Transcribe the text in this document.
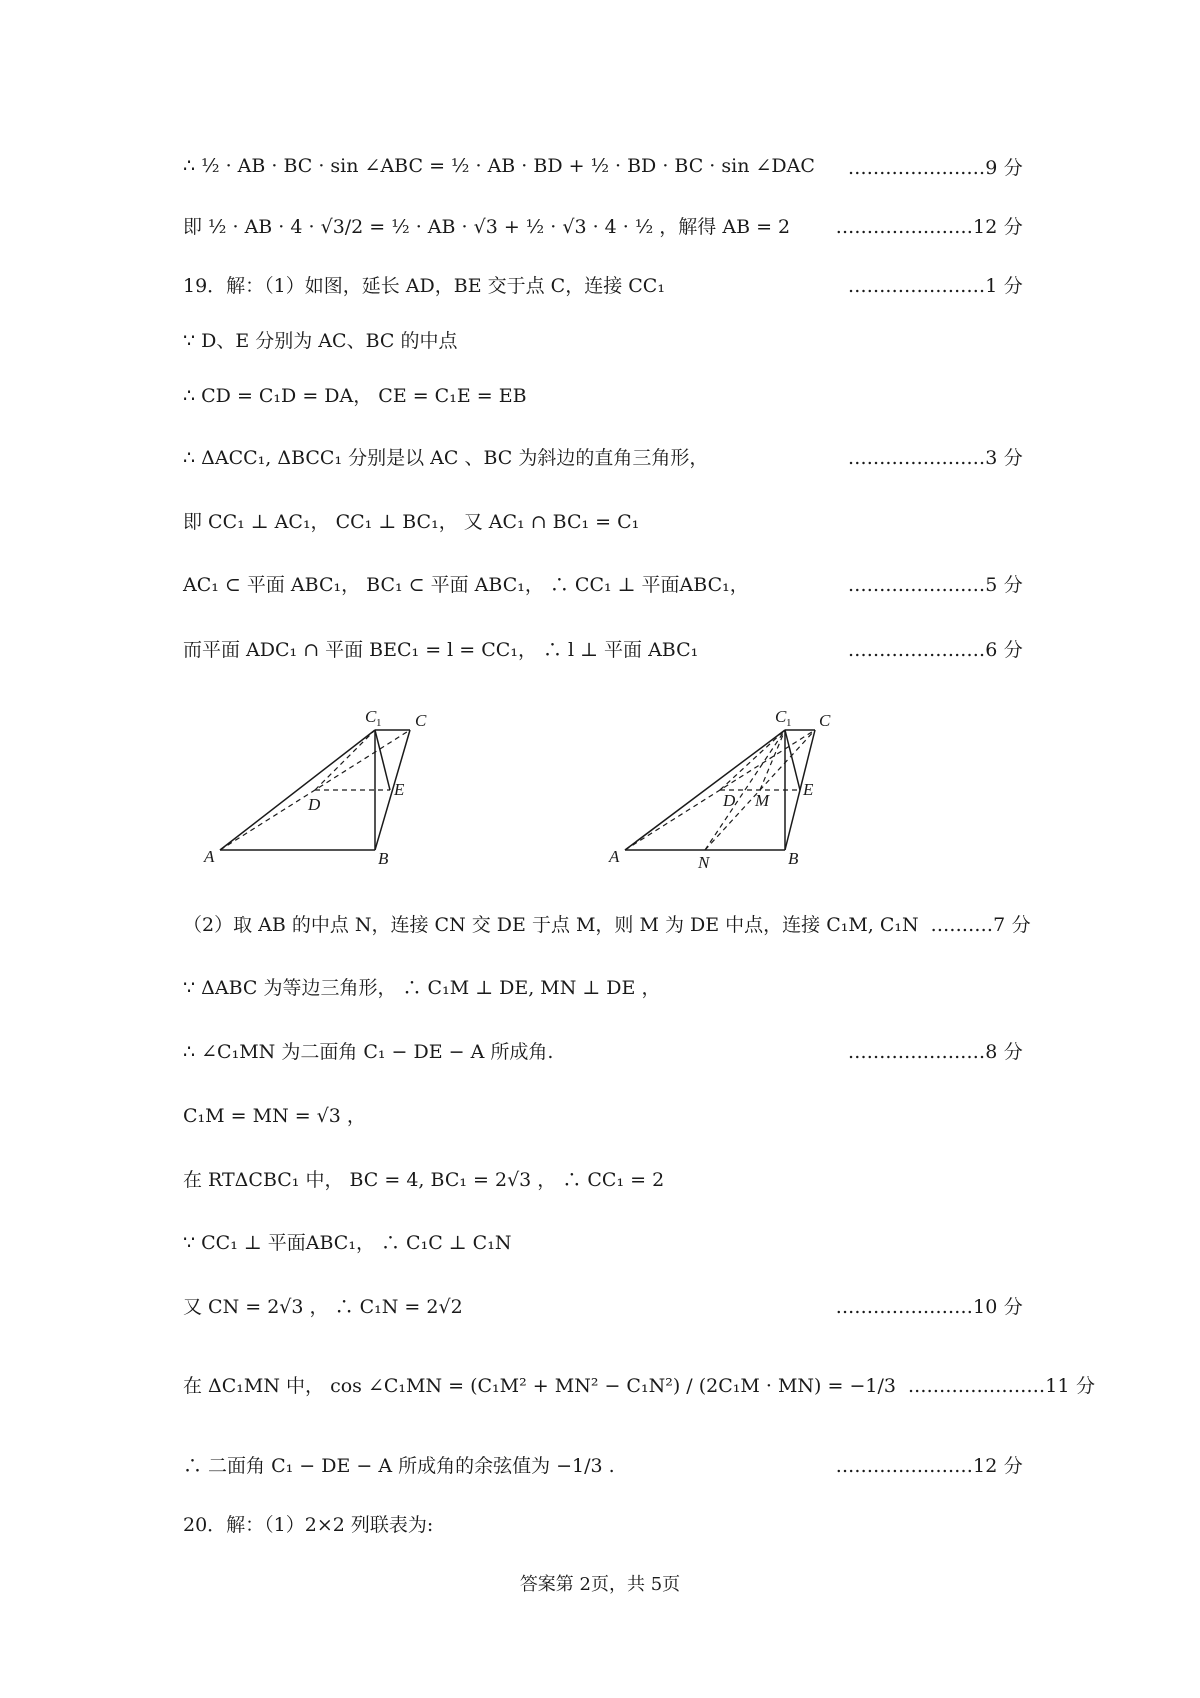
∴ ½ · AB · BC · sin ∠ABC = ½ · AB · BD + ½ · BD · BC · sin ∠DAC	......................9 分
即 ½ · AB · 4 · √3/2 = ½ · AB · √3 + ½ · √3 · 4 · ½ ，解得 AB = 2	......................12 分
19．解：（1）如图，延长 AD，BE 交于点 C，连接 CC₁	......................1 分
∵ D、E 分别为 AC、BC 的中点
∴ CD = C₁D = DA， CE = C₁E = EB
∴ ΔACC₁, ΔBCC₁ 分别是以 AC 、BC 为斜边的直角三角形，	......................3 分
即 CC₁ ⊥ AC₁， CC₁ ⊥ BC₁， 又 AC₁ ∩ BC₁ = C₁
AC₁ ⊂ 平面 ABC₁， BC₁ ⊂ 平面 ABC₁， ∴ CC₁ ⊥ 平面ABC₁，	......................5 分
而平面 ADC₁ ∩ 平面 BEC₁ = l = CC₁， ∴ l ⊥ 平面 ABC₁	......................6 分
C 1 C
D
E
A	B
C 1 C
D M
E
A	N	B
（2）取 AB 的中点 N，连接 CN 交 DE 于点 M，则 M 为 DE 中点，连接 C₁M, C₁N ..........7 分
∵ ΔABC 为等边三角形， ∴ C₁M ⊥ DE, MN ⊥ DE ，
∴ ∠C₁MN 为二面角 C₁ − DE − A 所成角.	......................8 分
C₁M = MN = √3 ，
在 RTΔCBC₁ 中， BC = 4, BC₁ = 2√3 ， ∴ CC₁ = 2
∵ CC₁ ⊥ 平面ABC₁， ∴ C₁C ⊥ C₁N
又 CN = 2√3 ， ∴ C₁N = 2√2	......................10 分
在 ΔC₁MN 中， cos ∠C₁MN = (C₁M² + MN² − C₁N²) / (2C₁M · MN) = −1/3 ......................11 分
∴ 二面角 C₁ − DE − A 所成角的余弦值为 −1/3 .	......................12 分
20．解：（1）2×2 列联表为:
答案第 2页，共 5页
